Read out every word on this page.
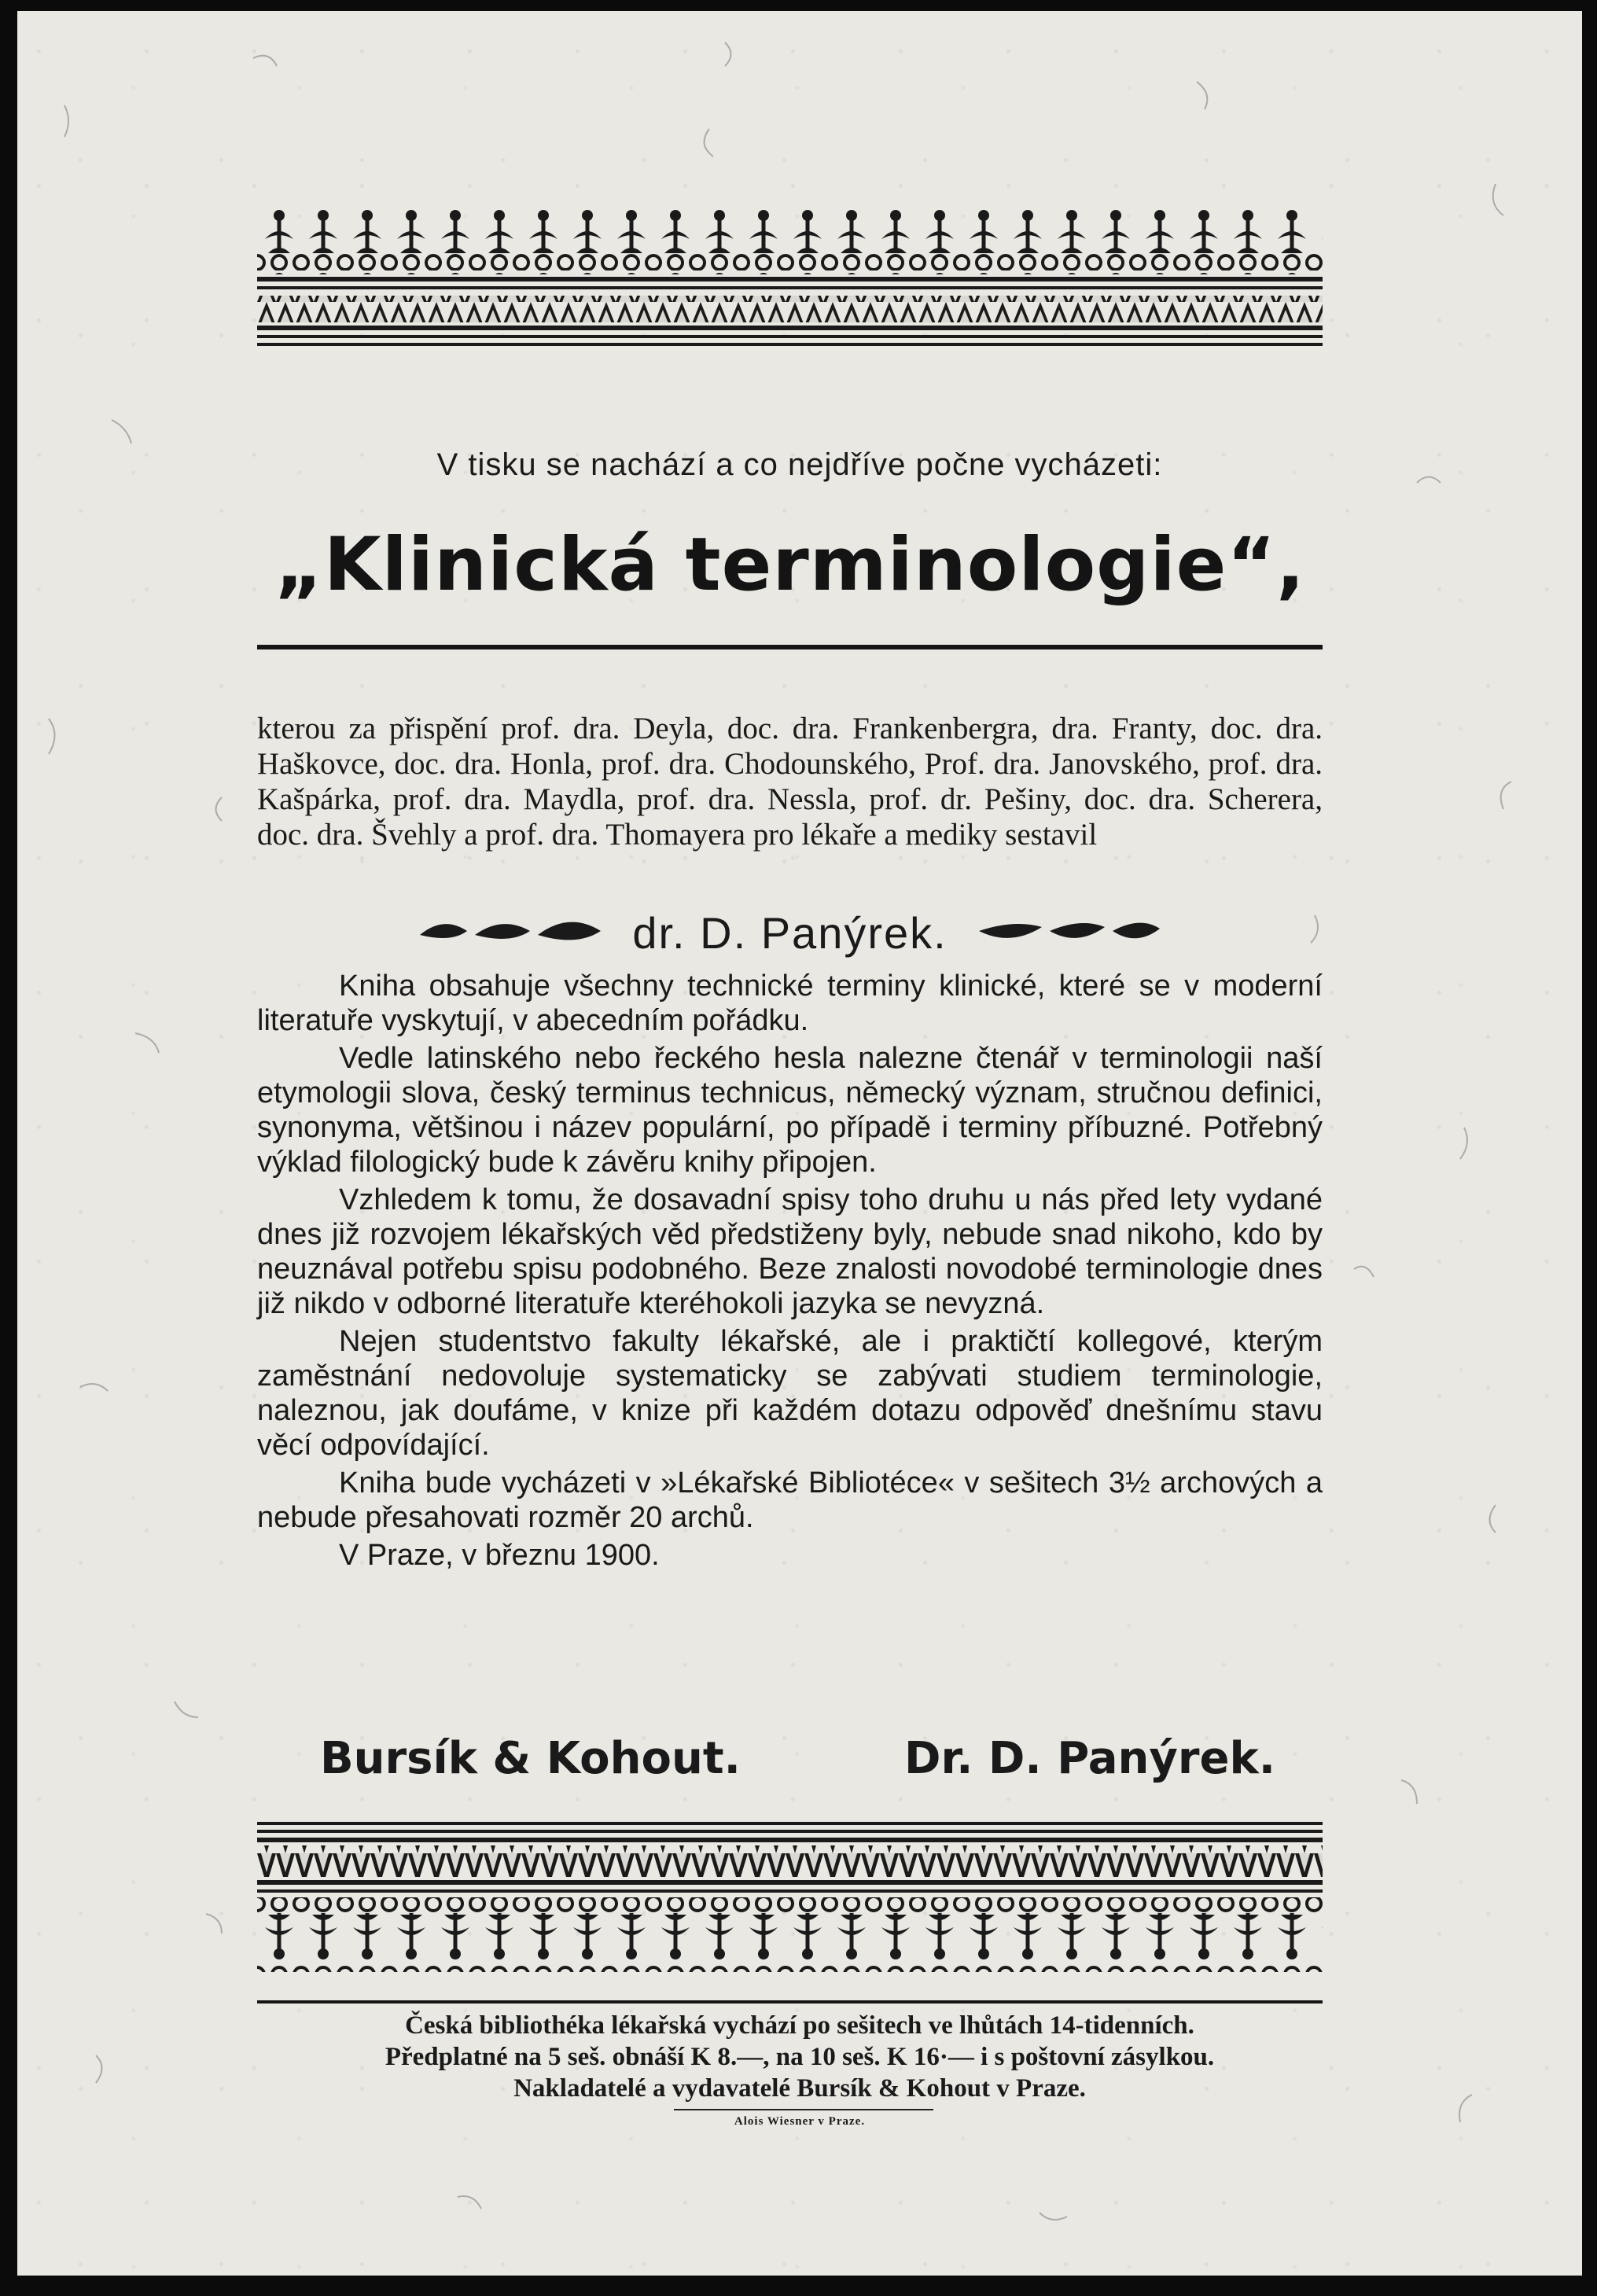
V tisku se nachází a co nejdříve počne vycházeti:
„Klinická terminologie“,
kterou za přispění prof. dra. Deyla, doc. dra. Frankenbergra, dra. Franty, doc. dra. Haškovce, doc. dra. Honla, prof. dra. Chodounského, Prof. dra. Janovského, prof. dra. Kašpárka, prof. dra. Maydla, prof. dra. Nessla, prof. dr. Pešiny, doc. dra. Scherera, doc. dra. Švehly a prof. dra. Thomayera pro lékaře a mediky sestavil
dr. D. Panýrek.

Kniha obsahuje všechny technické terminy klinické, které se v moderní literatuře vyskytují, v abecedním pořádku.

Vedle latinského nebo řeckého hesla nalezne čtenář v terminologii naší etymologii slova, český terminus technicus, německý význam, stručnou definici, synonyma, většinou i název populární, po případě i terminy příbuzné. Potřebný výklad filologický bude k závěru knihy připojen.

Vzhledem k tomu, že dosavadní spisy toho druhu u nás před lety vydané dnes již rozvojem lékařských věd předstiženy byly, nebude snad nikoho, kdo by neuznával potřebu spisu podobného. Beze znalosti novodobé terminologie dnes již nikdo v odborné literatuře kteréhokoli jazyka se nevyzná.

Nejen studentstvo fakulty lékařské, ale i praktičtí kollegové, kterým zaměstnání nedovoluje systematicky se zabývati studiem terminologie, naleznou, jak doufáme, v knize při každém dotazu odpověď dnešnímu stavu věcí odpovídající.

Kniha bude vycházeti v »Lékařské Bibliotéce« v sešitech 3½ archových a nebude přesahovati rozměr 20 archů.

V Praze, v březnu 1900.

Bursík & Kohout.	Dr. D. Panýrek.
Česká bibliothéka lékařská vychází po sešitech ve lhůtách 14-tidenních.
Předplatné na 5 seš. obnáší K 8.—, na 10 seš. K 16·— i s poštovní zásylkou.
Nakladatelé a vydavatelé Bursík & Kohout v Praze.
Alois Wiesner v Praze.
